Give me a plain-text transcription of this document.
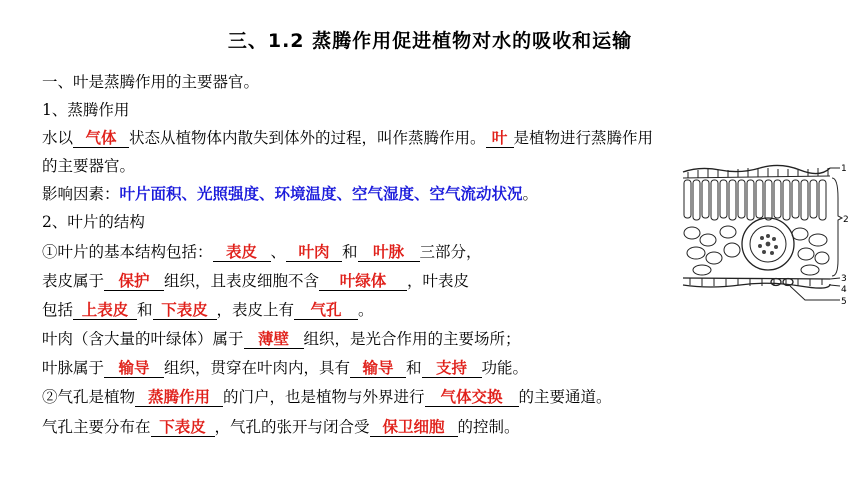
三、1.2 蒸腾作用促进植物对水的吸收和运输
一、叶是蒸腾作用的主要器官。
1、蒸腾作用
水以 气体 状态从植物体内散失到体外的过程，叫作蒸腾作用。 叶 是植物进行蒸腾作用
的主要器官。
影响因素：叶片面积、光照强度、环境温度、空气湿度、空气流动状况。
2、叶片的结构
①叶片的基本结构包括： 表皮 、 叶肉 和 叶脉 三部分，
表皮属于 保护 组织，且表皮细胞不含 叶绿体 ，叶表皮
包括 上表皮 和 下表皮 ，表皮上有 气孔 。
叶肉（含大量的叶绿体）属于 薄壁 组织，是光合作用的主要场所；
叶脉属于 输导 组织，贯穿在叶肉内，具有 输导 和 支持 功能。
②气孔是植物 蒸腾作用 的门户，也是植物与外界进行 气体交换 的主要通道。
气孔主要分布在 下表皮 ，气孔的张开与闭合受 保卫细胞 的控制。
1
2
3
4
5
